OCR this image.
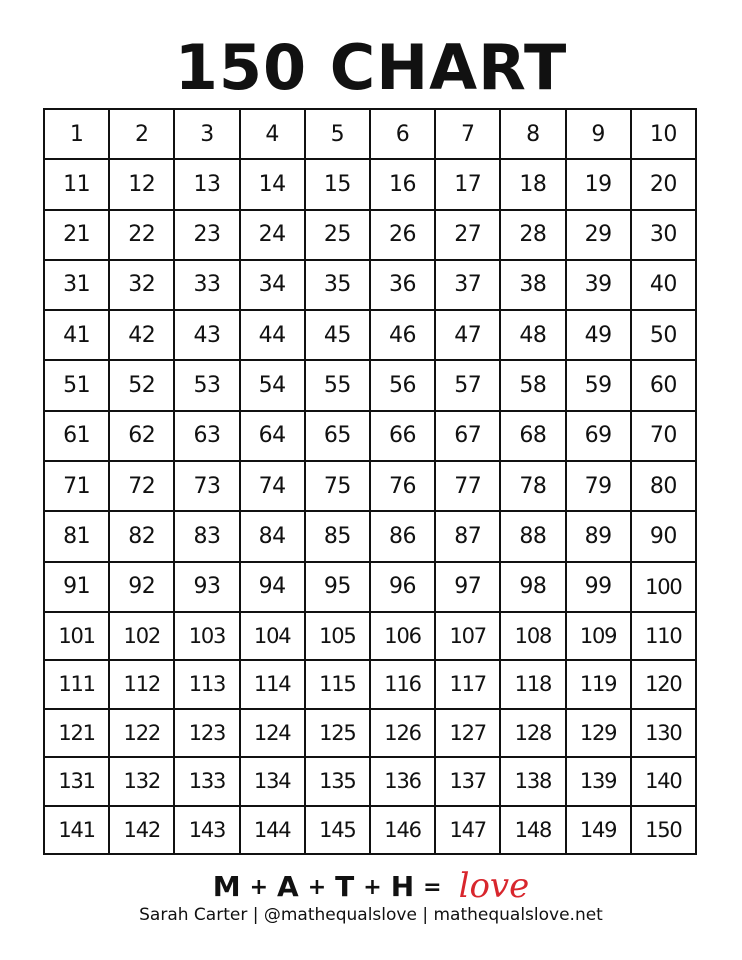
150 CHART
1	2	3	4	5	6	7	8	9	10
11	12	13	14	15	16	17	18	19	20
21	22	23	24	25	26	27	28	29	30
31	32	33	34	35	36	37	38	39	40
41	42	43	44	45	46	47	48	49	50
51	52	53	54	55	56	57	58	59	60
61	62	63	64	65	66	67	68	69	70
71	72	73	74	75	76	77	78	79	80
81	82	83	84	85	86	87	88	89	90
91	92	93	94	95	96	97	98	99	100
101	102	103	104	105	106	107	108	109	110
111	112	113	114	115	116	117	118	119	120
121	122	123	124	125	126	127	128	129	130
131	132	133	134	135	136	137	138	139	140
141	142	143	144	145	146	147	148	149	150
M + A + T + H = love
Sarah Carter | @mathequalslove | mathequalslove.net
